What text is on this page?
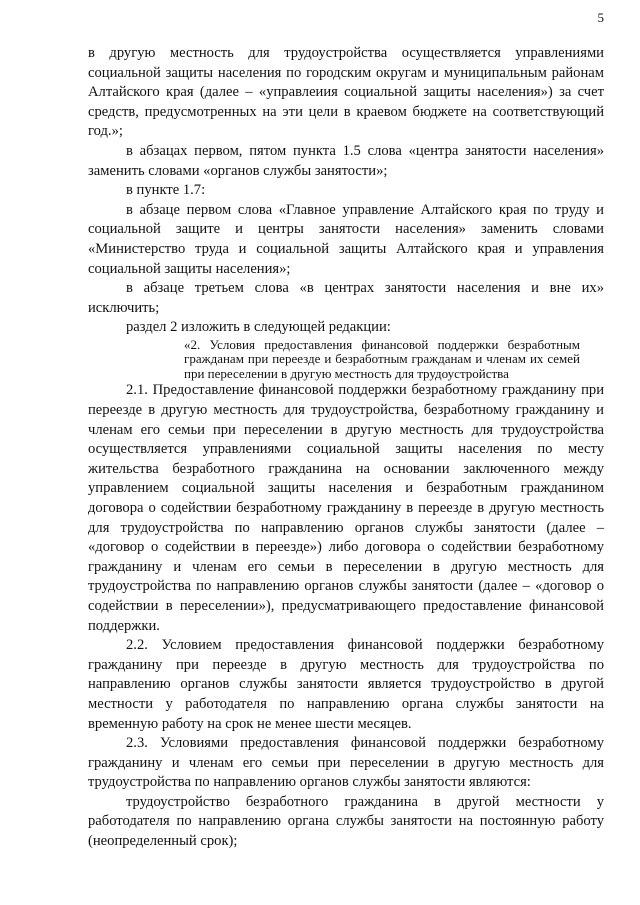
5

в другую местность для трудоустройства осуществляется управлениями социальной защиты населения по городским округам и муниципальным районам Алтайского края (далее – «управлеиия социальной защиты населения») за счет средств, предусмотренных на эти цели в краевом бюджете на соответствующий год.»;

в абзацах первом, пятом пункта 1.5 слова «центра занятости населения» заменить словами «органов службы занятости»;

в пункте 1.7:

в абзаце первом слова «Главное управление Алтайского края по труду и социальной защите и центры занятости населения» заменить словами «Министерство труда и социальной защиты Алтайского края и управления социальной защиты населения»;

в абзаце третьем слова «в центрах занятости населения и вне их» исключить;

раздел 2 изложить в следующей редакции:

«2. Условия предоставления финансовой поддержки безработным гражданам при переезде и безработным гражданам и членам их семей при переселении в другую местность для трудоустройства

2.1. Предоставление финансовой поддержки безработному гражданину при переезде в другую местность для трудоустройства, безработному гражданину и членам его семьи при переселении в другую местность для трудоустройства осуществляется управлениями социальной защиты населения по месту жительства безработного гражданина на основании заключенного между управлением социальной защиты населения и безработным гражданином договора о содействии безработному гражданину в переезде в другую местность для трудоустройства по направлению органов службы занятости (далее – «договор о содействии в переезде») либо договора о содействии безработному гражданину и членам его семьи в переселении в другую местность для трудоустройства по направлению органов службы занятости (далее – «договор о содействии в переселении»), предусматривающего предоставление финансовой поддержки.

2.2. Условием предоставления финансовой поддержки безработному гражданину при переезде в другую местность для трудоустройства по направлению органов службы занятости является трудоустройство в другой местности у работодателя по направлению органа службы занятости на временную работу на срок не менее шести месяцев.

2.3. Условиями предоставления финансовой поддержки безработному гражданину и членам его семьи при переселении в другую местность для трудоустройства по направлению органов службы занятости являются:

трудоустройство безработного гражданина в другой местности у работодателя по направлению органа службы занятости на постоянную работу (неопределенный срок);
